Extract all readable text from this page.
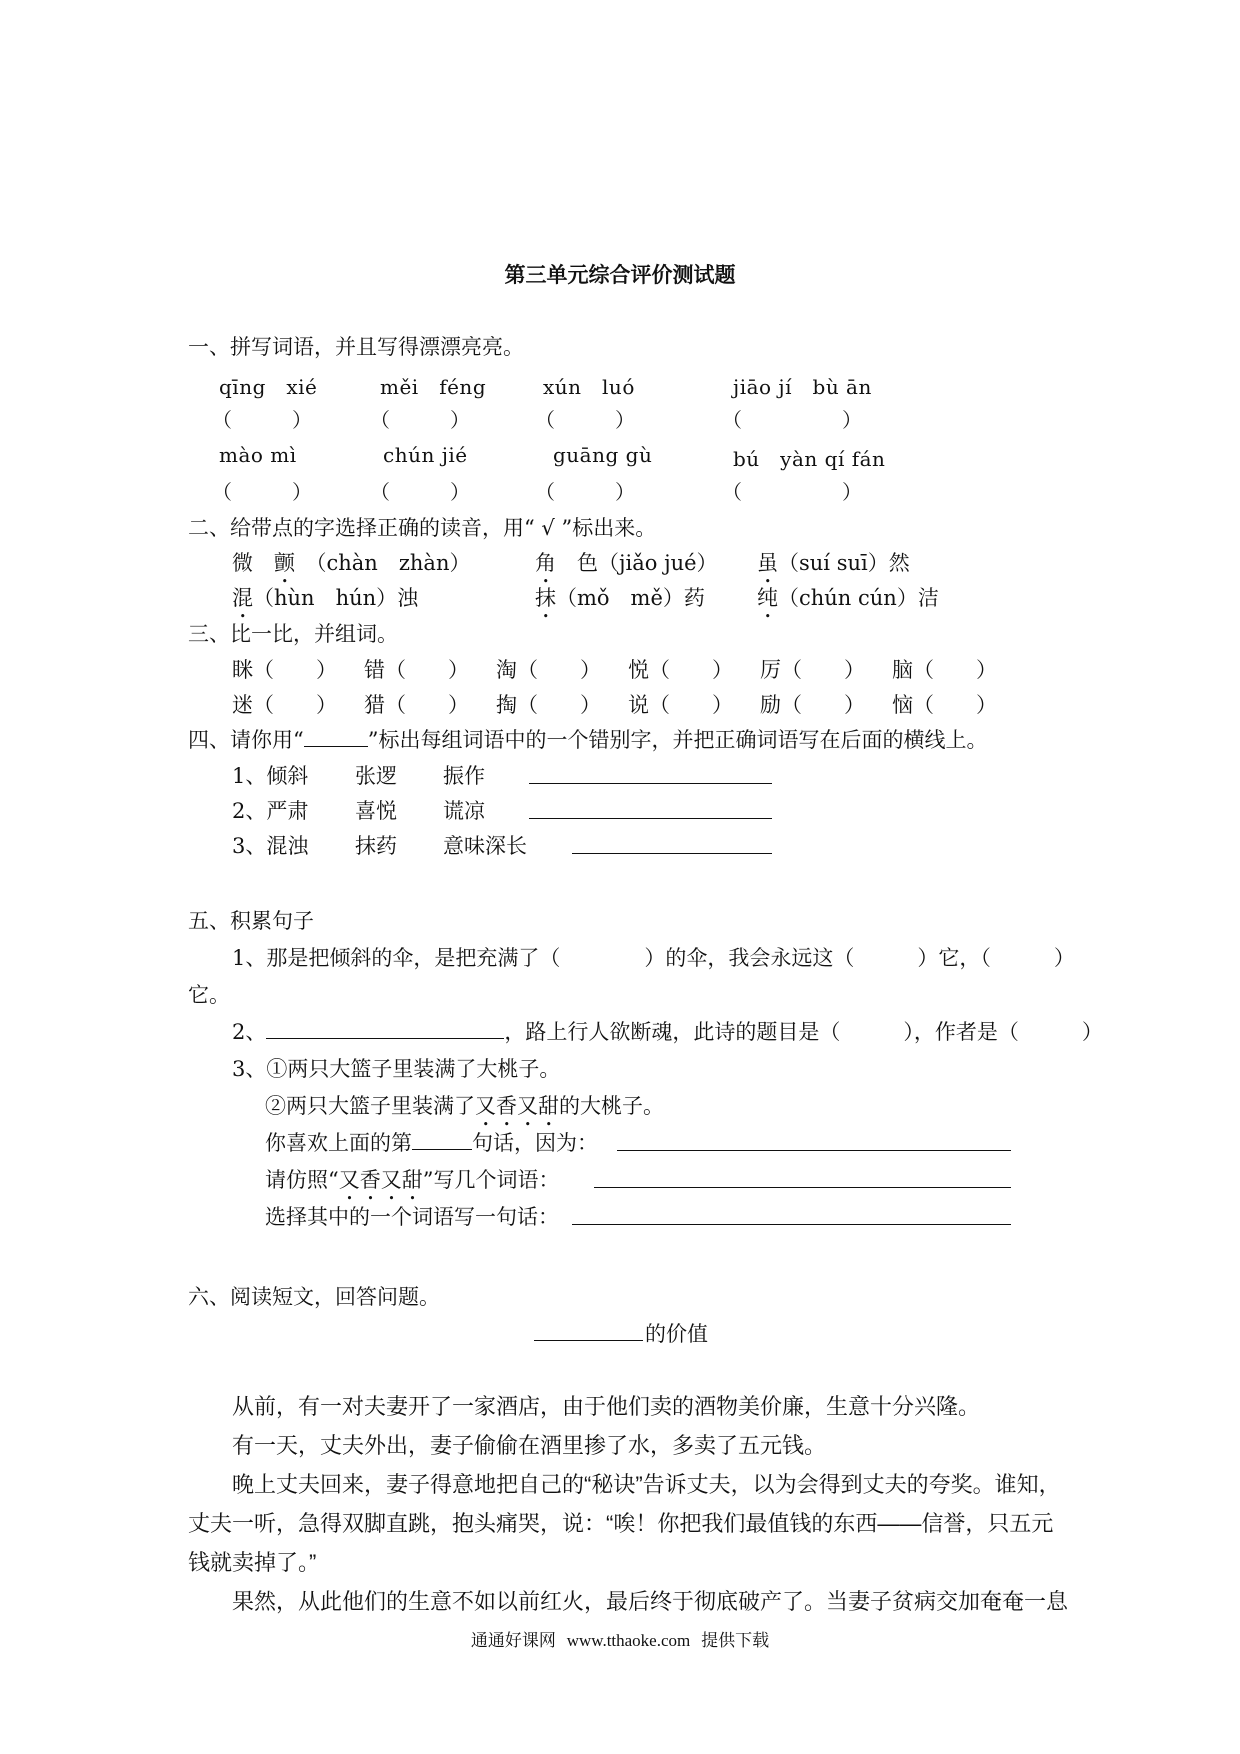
第三单元综合评价测试题
一、拼写词语，并且写得漂漂亮亮。
qīng　xié	měi　féng	xún　luó	jiāo jí　bù ān
（　　　）	（　　　）	（　　　）	（　　　　　）
mào mì	chún jié	guāng gù	bú　yàn qí fán
（　　　）	（　　　）	（　　　）	（　　　　　）
二、给带点的字选择正确的读音，用“ √ ”标出来。
微　颤　（chàn　zhàn）	角　色（jiǎo jué） 虽（suí suī）然
混（hùn　hún）浊	抹（mǒ　mě）药 纯（chún cún）洁
三、比一比，并组词。
眯（　　） 错（　　） 淘（　　） 悦（　　） 厉（　　） 脑（　　）
迷（　　） 猎（　　） 掏（　　） 说（　　） 励（　　） 恼（　　）
四、请你用“	”标出每组词语中的一个错别字，并把正确词语写在后面的横线上。
1、倾斜 张逻 振作
2、严肃 喜悦 谎凉
3、混浊 抹药 意味深长
五、积累句子
1、那是把倾斜的伞，是把充满了（　　　　）的伞，我会永远这（　　　）它，（　　　）
它。
2、	，路上行人欲断魂，此诗的题目是（　　　），作者是（　　　）
3、①两只大篮子里装满了大桃子。
②两只大篮子里装满了又香又甜的大桃子。
你喜欢上面的第	句话，因为：
请仿照“又香又甜”写几个词语：
选择其中的一个词语写一句话：
六、阅读短文，回答问题。
的价值
从前，有一对夫妻开了一家酒店，由于他们卖的酒物美价廉，生意十分兴隆。
有一天，丈夫外出，妻子偷偷在酒里掺了水，多卖了五元钱。
晚上丈夫回来，妻子得意地把自己的“秘诀”告诉丈夫，以为会得到丈夫的夸奖。谁知，
丈夫一听，急得双脚直跳，抱头痛哭，说：“唉！你把我们最值钱的东西——信誉，只五元
钱就卖掉了。”
果然，从此他们的生意不如以前红火，最后终于彻底破产了。当妻子贫病交加奄奄一息
通通好课网 www.tthaoke.com 提供下载
